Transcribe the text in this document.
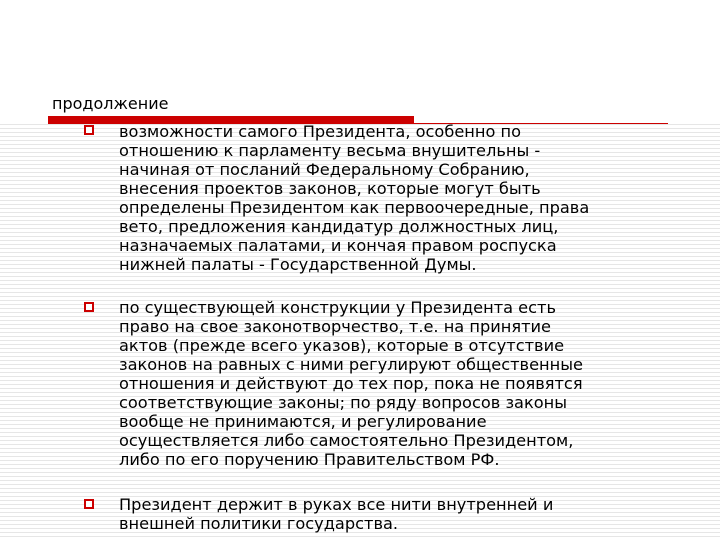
продолжение
возможности самого Президента, особенно по
отношению к парламенту весьма внушительны -
начиная от посланий Федеральному Собранию,
внесения проектов законов, которые могут быть
определены Президентом как первоочередные, права
вето, предложения кандидатур должностных лиц,
назначаемых палатами, и кончая правом роспуска
нижней палаты - Государственной Думы.
по существующей конструкции у Президента есть
право на свое законотворчество, т.е. на принятие
актов (прежде всего указов), которые в отсутствие
законов на равных с ними регулируют общественные
отношения и действуют до тех пор, пока не появятся
соответствующие законы; по ряду вопросов законы
вообще не принимаются, и регулирование
осуществляется либо самостоятельно Президентом,
либо по его поручению Правительством РФ.
Президент держит в руках все нити внутренней и
внешней политики государства.
